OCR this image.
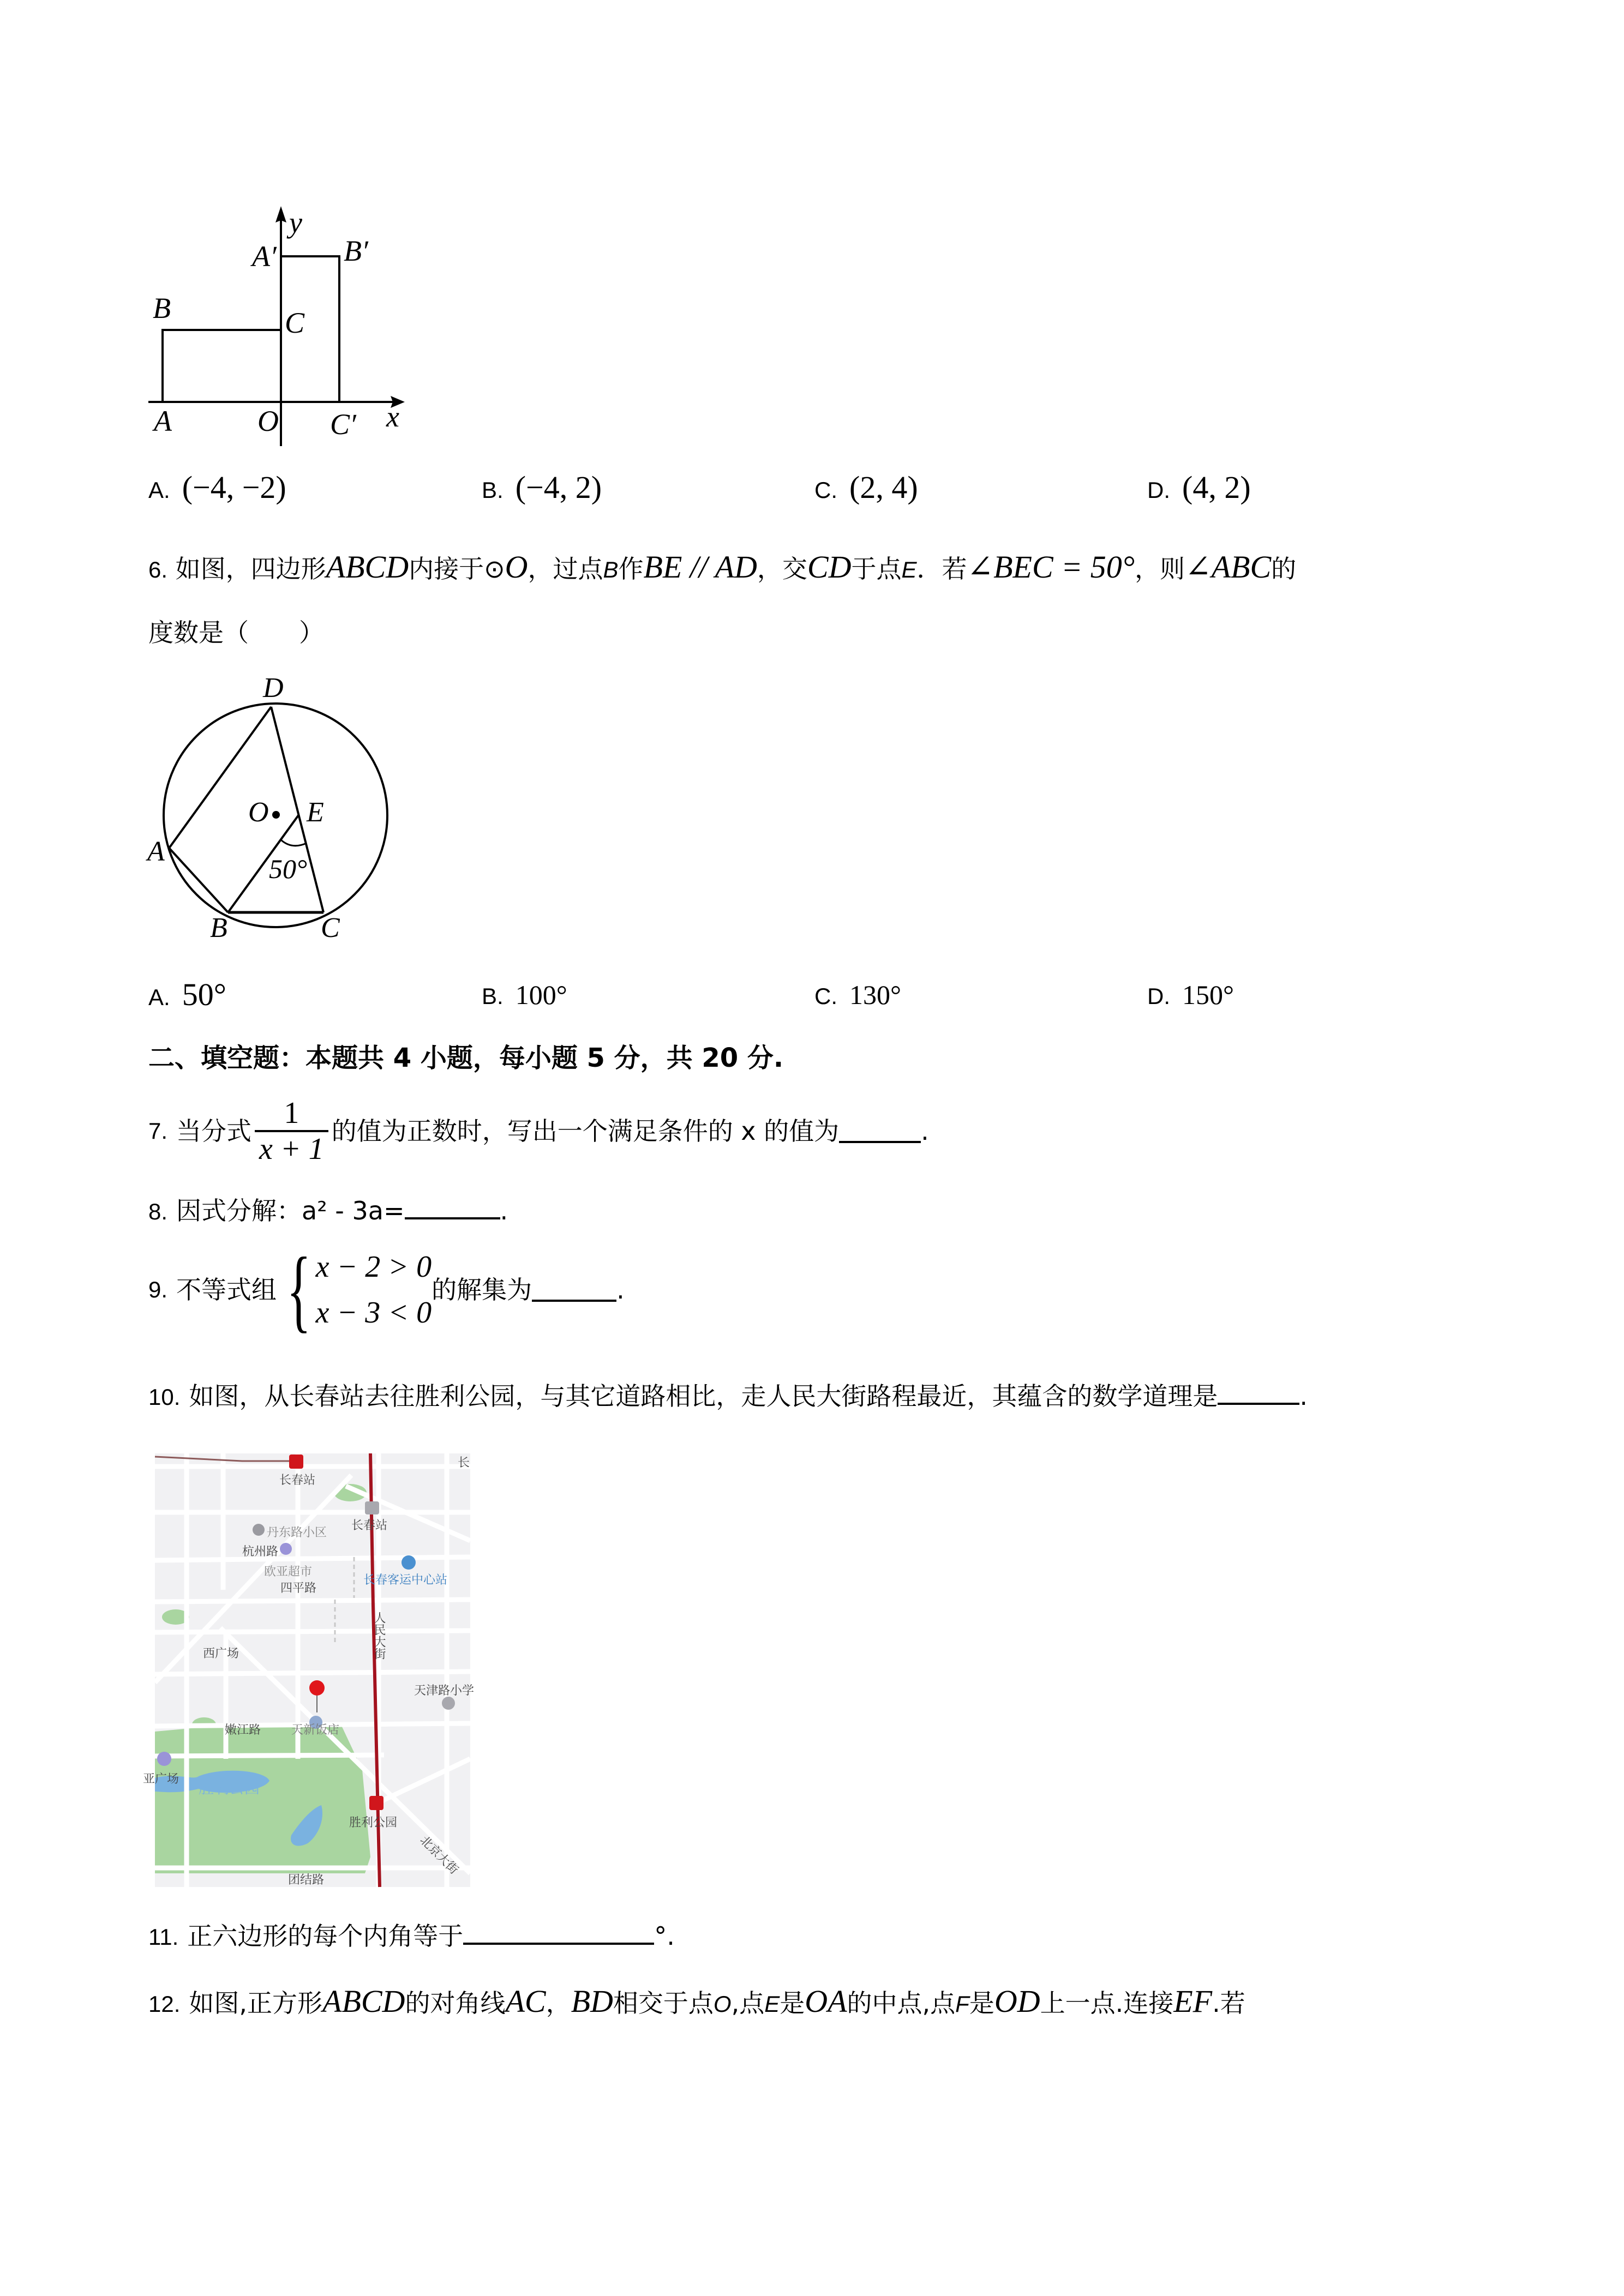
y
x
A′ B′
B	C
A	O C′
A. (−4, −2)	B. (−4, 2)	C. (2, 4)	D. (4, 2)
6. 如图，四边形ABCD内接于⊙O，过点B作BE // AD，交CD于点E．若∠BEC = 50°，则∠ABC的
度数是（　　）
D
O E
A
B	C
50°
A. 50°	B. 100°	C. 130°	D. 150°
二、填空题：本题共 4 小题，每小题 5 分，共 20 分.
7. 当分式 $\frac{1}{x + 1}$ 的值为正数时，写出一个满足条件的 x 的值为	.
8. 因式分解：a² - 3a=	.
9. 不等式组 { x − 2 > 0
x − 3 < 0
的解集为	.
10. 如图，从长春站去往胜利公园，与其它道路相比，走人民大街路程最近，其蕴含的数学道理是	.
长春站
长春站
丹东路小区
杭州路
欧亚超市
四平路
长春客运中心站
人民大街
西广场
天津路小学
嫩江路	天新饭店
亚广场 胜利公园
胜利公园
北京大街
团结路
长
11. 正六边形的每个内角等于	°.
12. 如图,正方形ABCD的对角线AC，BD相交于点O,点E是OA的中点,点F是OD上一点.连接EF.若
